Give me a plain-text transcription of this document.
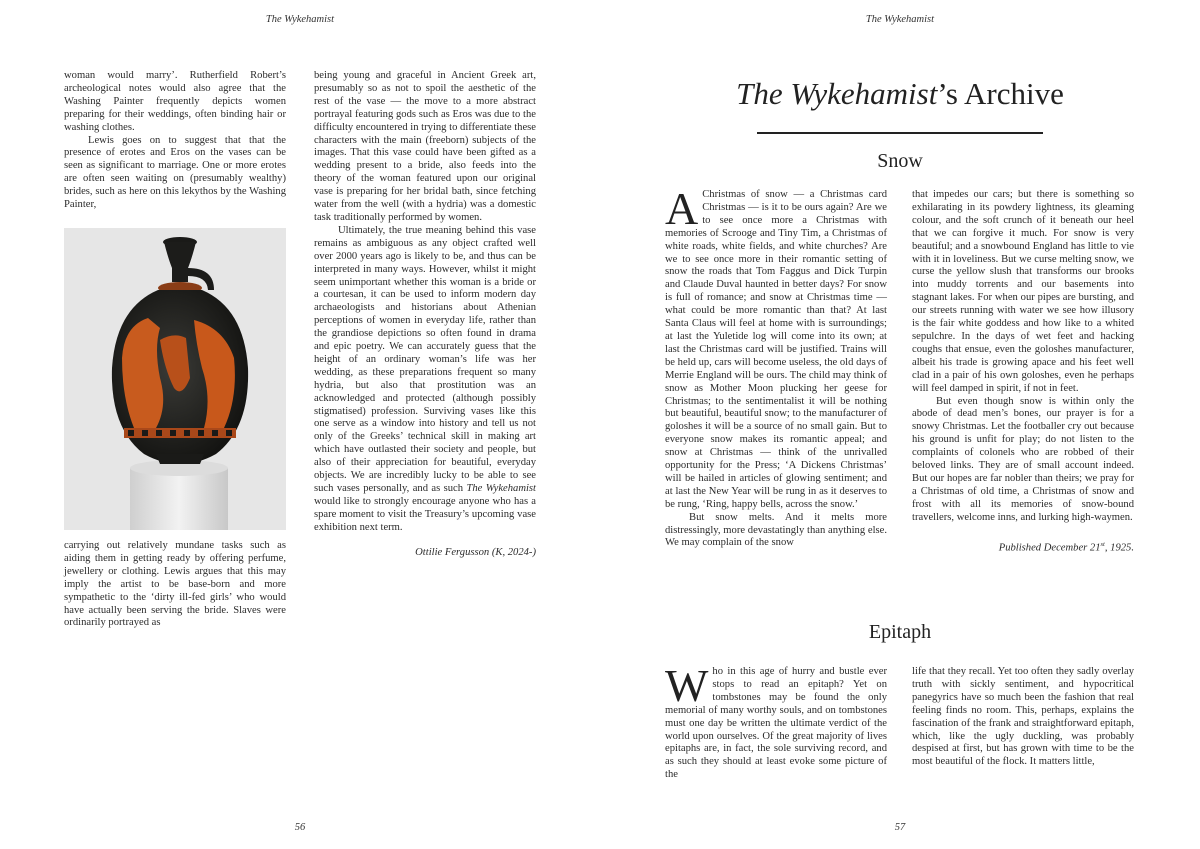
The Wykehamist
56

woman would marry’. Rutherfield Robert’s archeological notes would also agree that the Washing Painter frequently depicts women preparing for their weddings, often binding hair or washing clothes.

Lewis goes on to suggest that that the presence of erotes and Eros on the vases can be seen as significant to marriage. One or more erotes are often seen waiting on (presumably wealthy) brides, such as here on this lekythos by the Washing Painter,

carrying out relatively mundane tasks such as aiding them in getting ready by offering perfume, jewellery or clothing. Lewis argues that this may imply the artist to be base-born and more sympathetic to the ‘dirty ill-fed girls’ who would have actually been serving the bride. Slaves were ordinarily portrayed as

being young and graceful in Ancient Greek art, presumably so as not to spoil the aesthetic of the rest of the vase — the move to a more abstract portrayal featuring gods such as Eros was due to the difficulty encountered in trying to differentiate these characters with the main (freeborn) subjects of the images. That this vase could have been gifted as a wedding present to a bride, also feeds into the theory of the woman featured upon our original vase is preparing for her bridal bath, since fetching water from the well (with a hydria) was a domestic task traditionally performed by women.

Ultimately, the true meaning behind this vase remains as ambiguous as any object crafted well over 2000 years ago is likely to be, and thus can be interpreted in many ways. However, whilst it might seem unimportant whether this woman is a bride or a courtesan, it can be used to inform modern day archaeologists and historians about Athenian perceptions of women in everyday life, rather than the grandiose depictions so often found in drama and epic poetry. We can accurately guess that the height of an ordinary woman’s life was her wedding, as these preparations frequent so many hydria, but also that prostitution was an acknowledged and protected (although possibly stigmatised) profession. Surviving vases like this one serve as a window into history and tell us not only of the Greeks’ technical skill in making art which have outlasted their society and people, but also of their appreciation for beautiful, everyday objects. We are incredibly lucky to be able to see such vases personally, and as such The Wykehamist would like to strongly encourage anyone who has a spare moment to visit the Treasury’s upcoming vase exhibition next term.

Ottilie Fergusson (K, 2024-)
The Wykehamist
The Wykehamist’s Archive
Snow
Epitaph
57

A Christmas of snow — a Christmas card Christmas — is it to be ours again? Are we to see once more a Christmas with memories of Scrooge and Tiny Tim, a Christmas of white roads, white fields, and white churches? Are we to see once more in their romantic setting of snow the roads that Tom Faggus and Dick Turpin and Claude Duval haunted in better days? For snow is full of romance; and snow at Christmas time — what could be more romantic than that? At last Santa Claus will feel at home with is surroundings; at last the Yuletide log will come into its own; at last the Christmas card will be justified. Trains will be held up, cars will become useless, the old days of Merrie England will be ours. The child may think of snow as Mother Moon plucking her geese for Christmas; to the sentimentalist it will be nothing but beautiful, beautiful snow; to the manufacturer of goloshes it will be a source of no small gain. But to everyone snow makes its romantic appeal; and snow at Christmas — think of the unrivalled opportunity for the Press; ‘A Dickens Christmas’ will be hailed in articles of glowing sentiment; and at last the New Year will be rung in as it deserves to be rung, ‘Ring, happy bells, across the snow.’

But snow melts. And it melts more distressingly, more devastatingly than anything else. We may complain of the snow

that impedes our cars; but there is something so exhilarating in its powdery lightness, its gleaming colour, and the soft crunch of it beneath our heel that we can forgive it much. For snow is very beautiful; and a snowbound England has little to vie with it in loveliness. But we curse melting snow, we curse the yellow slush that transforms our brooks into muddy torrents and our basements into stagnant lakes. For when our pipes are bursting, and our streets running with water we see how illusory is the fair white goddess and how like to a whited sepulchre. In the days of wet feet and hacking coughs that ensue, even the goloshes manufacturer, albeit his trade is growing apace and his feet well clad in a pair of his own goloshes, even he perhaps will feel damped in spirit, if not in feet.

But even though snow is within only the abode of dead men’s bones, our prayer is for a snowy Christmas. Let the footballer cry out because his ground is unfit for play; do not listen to the complaints of colonels who are robbed of their beloved links. They are of small account indeed. But our hopes are far nobler than theirs; we pray for a Christmas of old time, a Christmas of snow and frost with all its memories of snow-bound travellers, welcome inns, and lurking high-waymen.

Published December 21st, 1925.

Who in this age of hurry and bustle ever stops to read an epitaph? Yet on tombstones may be found the only memorial of many worthy souls, and on tombstones must one day be written the ultimate verdict of the world upon ourselves. Of the great majority of lives epitaphs are, in fact, the sole surviving record, and as such they should at least evoke some picture of the

life that they recall. Yet too often they sadly overlay truth with sickly sentiment, and hypocritical panegyrics have so much been the fashion that real feeling finds no room. This, perhaps, explains the fascination of the frank and straightforward epitaph, which, like the ugly duckling, was probably despised at first, but has grown with time to be the most beautiful of the flock. It matters little,
